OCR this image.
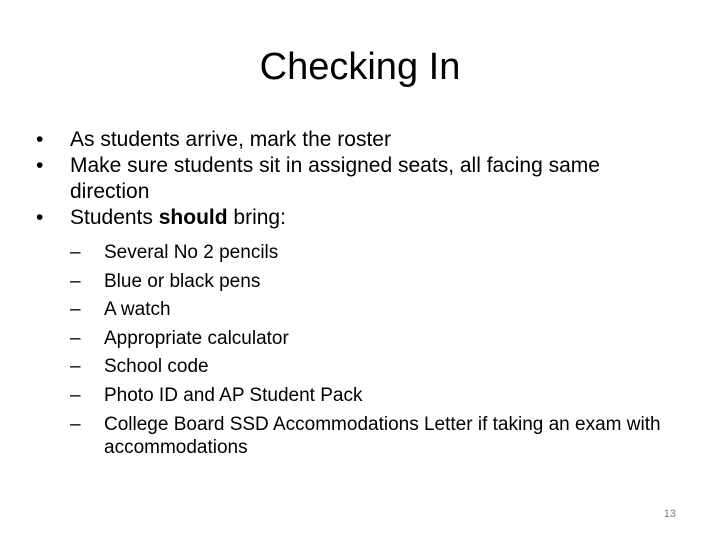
Checking In
•	As students arrive, mark the roster
•	Make sure students sit in assigned seats, all facing same direction
•	Students should bring:
–	Several No 2 pencils
–	Blue or black pens
–	A watch
–	Appropriate calculator
–	School code
–	Photo ID and AP Student Pack
–	College Board SSD Accommodations Letter if taking an exam with accommodations
13
